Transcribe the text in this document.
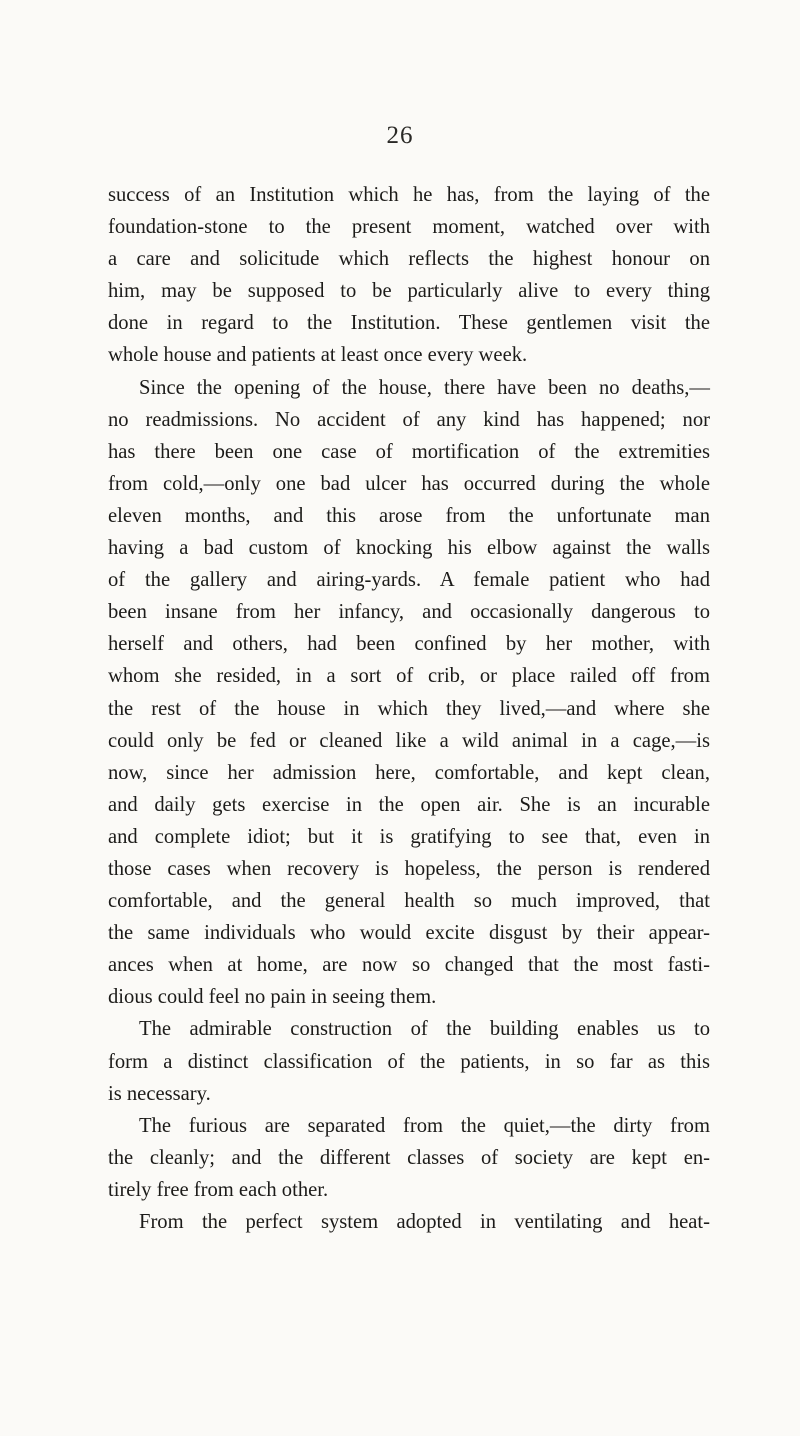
26
success of an Institution which he has, from the laying of the
foundation-stone to the present moment, watched over with
a care and solicitude which reflects the highest honour on
him, may be supposed to be particularly alive to every thing
done in regard to the Institution. These gentlemen visit the
whole house and patients at least once every week.
Since the opening of the house, there have been no deaths,—
no readmissions. No accident of any kind has happened; nor
has there been one case of mortification of the extremities
from cold,—only one bad ulcer has occurred during the whole
eleven months, and this arose from the unfortunate man
having a bad custom of knocking his elbow against the walls
of the gallery and airing-yards. A female patient who had
been insane from her infancy, and occasionally dangerous to
herself and others, had been confined by her mother, with
whom she resided, in a sort of crib, or place railed off from
the rest of the house in which they lived,—and where she
could only be fed or cleaned like a wild animal in a cage,—is
now, since her admission here, comfortable, and kept clean,
and daily gets exercise in the open air. She is an incurable
and complete idiot; but it is gratifying to see that, even in
those cases when recovery is hopeless, the person is rendered
comfortable, and the general health so much improved, that
the same individuals who would excite disgust by their appear-
ances when at home, are now so changed that the most fasti-
dious could feel no pain in seeing them.
The admirable construction of the building enables us to
form a distinct classification of the patients, in so far as this
is necessary.
The furious are separated from the quiet,—the dirty from
the cleanly; and the different classes of society are kept en-
tirely free from each other.
From the perfect system adopted in ventilating and heat-
